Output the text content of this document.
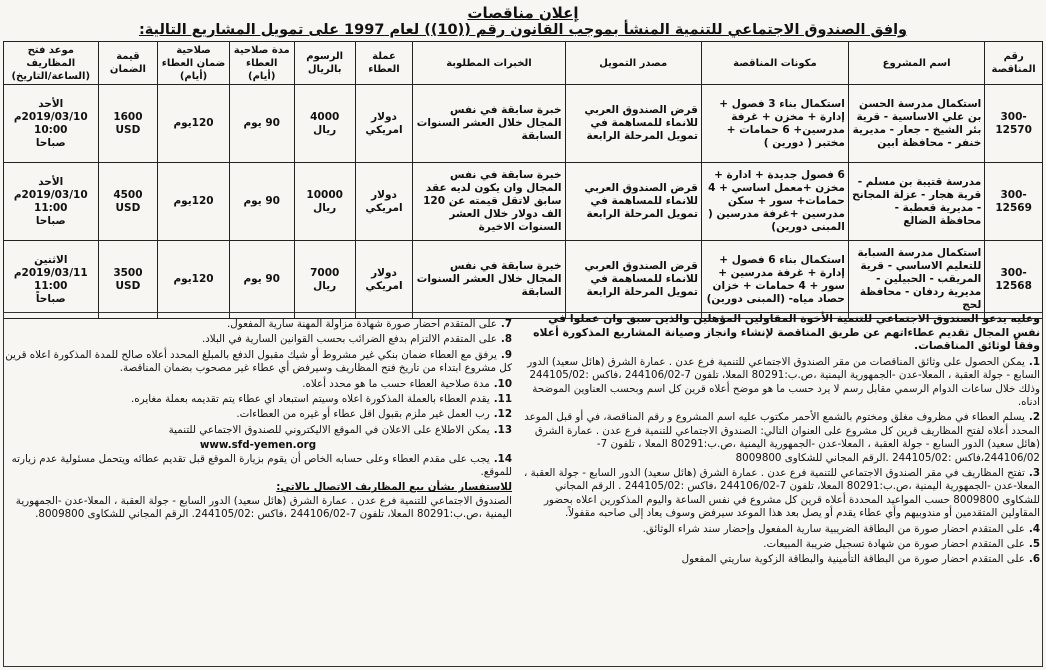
إعلان مناقصات
وافق الصندوق الاجتماعي للتنمية المنشأ بموجب القانون رقم ((10)) لعام 1997 على تمويل المشاريع التالية:
رقم المناقصة	اسم المشروع	مكونات المناقصة	مصدر التمويل	الخبرات المطلوبة	عملة العطاء	الرسوم بالريال	مدة صلاحية العطاء (أيام)	صلاحية ضمان العطاء (أيام)	قيمة الضمان	موعد فتح المظاريف (الساعة/التاريخ)
300-12570	استكمال مدرسة الحسن بن علي الاساسية - قرية بئر الشيخ - جعار - مديرية خنفر - محافظة ابين	استكمال بناء 3 فصول + إدارة + مخزن + غرفة مدرسين+ 6 حمامات + مختبر ( دورين )	قرض الصندوق العربي للانماء للمساهمة في تمويل المرحلة الرابعة	خبرة سابقة في نفس المجال خلال العشر السنوات السابقة	دولار امريكي	4000 ريال	90 يوم	120يوم	1600 USD	الأحد
2019/03/10م
10:00
صباحا
300-12569	مدرسة قتيبة بن مسلم - قرية هجار - عزلة المجانح - مديرية قعطبة - محافظة الضالع	6 فصول جديدة + ادارة + مخزن +معمل اساسي + 4 حمامات+ سور + سكن مدرسين +غرفة مدرسين ( المبنى دورين)	قرض الصندوق العربي للانماء للمساهمة في تمويل المرحلة الرابعة	خبرة سابقة في نفس المجال وان يكون لديه عقد سابق لاتقل قيمته عن 120 الف دولار خلال العشر السنوات الاخيرة	دولار امريكي	10000 ريال	90 يوم	120يوم	4500 USD	الأحد
2019/03/10م
11:00
صباحا
300-12568	استكمال مدرسة السبابة للتعليم الاساسي - قرية المريقب - الحبيلين - مديرية ردفان - محافظة لحج	استكمال بناء 6 فصول + إدارة + غرفة مدرسين + سور + 4 حمامات + خزان حصاد مياه- (المبنى دورين)	قرض الصندوق العربي للانماء للمساهمة في تمويل المرحلة الرابعة	خبرة سابقة في نفس المجال خلال العشر السنوات السابقة	دولار امريكي	7000 ريال	90 يوم	120يوم	3500 USD	الاثنين
2019/03/11م
11:00
صباحاً
وعليه يدعو الصندوق الاجتماعي للتنمية الأخوة المقاولين المؤهلين والذين سبق وان عملوا في نفس المجال تقديم عطاءاتهم عن طريق المناقصة لإنشاء وانجاز وصيانة المشاريع المذكورة أعلاه وفقاً لوثائق المناقصات.
1.يمكن الحصول على وثائق المناقصات من مقر الصندوق الاجتماعي للتنمية فرع عدن . عمارة الشرق (هائل سعيد) الدور السابع - جولة العقبة ، المعلا-عدن -الجمهورية اليمنية ،ص.ب:80291 المعلا، تلفون 7-244106/02 ،فاكس :244105/02 وذلك خلال ساعات الدوام الرسمي مقابل رسم لا يرد حسب ما هو موضح أعلاه قرين كل اسم وبحسب العناوين الموضحة ادناه.
2.يسلم العطاء في مظروف مغلق ومختوم بالشمع الأحمر مكتوب عليه اسم المشروع و رقم المناقصة، في أو قبل الموعد المحدد أعلاه لفتح المظاريف قرين كل مشروع على العنوان التالي: الصندوق الاجتماعي للتنمية فرع عدن . عمارة الشرق (هائل سعيد) الدور السابع - جولة العقبة ، المعلا-عدن -الجمهورية اليمنية ،ص.ب:80291 المعلا ، تلفون 7-244106/02،فاكس :244105/02 .الرقم المجاني للشكاوى 8009800
3.تفتح المظاريف في مقر الصندوق الاجتماعي للتنمية فرع عدن . عمارة الشرق (هائل سعيد) الدور السابع - جولة العقبة ، المعلا-عدن -الجمهورية اليمنية ،ص.ب:80291 المعلا، تلفون 7-244106/02 ،فاكس :244105/02 . الرقم المجاني للشكاوى 8009800 حسب المواعيد المحددة أعلاه قرين كل مشروع في نفس الساعة واليوم المذكورين اعلاه بحضور المقاولين المتقدمين أو مندوبيهم وأي عطاء يقدم أو يصل بعد هذا الموعد سيرفض وسوف يعاد إلى صاحبه مقفولاً.
4.على المتقدم احضار صورة من البطاقة الضريبية سارية المفعول وإحضار سند شراء الوثائق.
5.على المتقدم احضار صورة من شهادة تسجيل ضريبة المبيعات.
6.على المتقدم احضار صورة من البطاقة التأمينية والبطاقة الزكوية ساريتي المفعول
7.على المتقدم احضار صورة شهادة مزاولة المهنة سارية المفعول.
8.على المتقدم الالتزام بدفع الضرائب بحسب القوانين السارية في البلاد.
9.يرفق مع العطاء ضمان بنكي غير مشروط أو شيك مقبول الدفع بالمبلغ المحدد أعلاه صالح للمدة المذكورة اعلاه قرين كل مشروع ابتداء من تاريخ فتح المظاريف وسيرفض أي عطاء غير مصحوب بضمان المناقصة.
10.مدة صلاحية العطاء حسب ما هو محدد أعلاه.
11.يقدم العطاء بالعملة المذكورة اعلاه وسيتم استبعاد اي عطاء يتم تقديمه بعملة مغايره.
12.رب العمل غير ملزم بقبول اقل عطاء أو غيره من العطاءات.
13.يمكن الاطلاع على الاعلان في الموقع الاليكتروني للصندوق الاجتماعي للتنمية
www.sfd-yemen.org
14.يجب على مقدم العطاء وعلى حسابه الخاص أن يقوم بزيارة الموقع قبل تقديم عطائه ويتحمل مسئولية عدم زيارته للموقع.
للاستفسار بشأن بيع المظاريف الاتصال بالاتي:
الصندوق الاجتماعي للتنمية فرع عدن . عمارة الشرق (هائل سعيد) الدور السابع - جولة العقبة ، المعلا-عدن -الجمهورية اليمنية ،ص.ب:80291 المعلا، تلفون 7-244106/02 ،فاكس :244105/02. الرقم المجاني للشكاوى 8009800.
